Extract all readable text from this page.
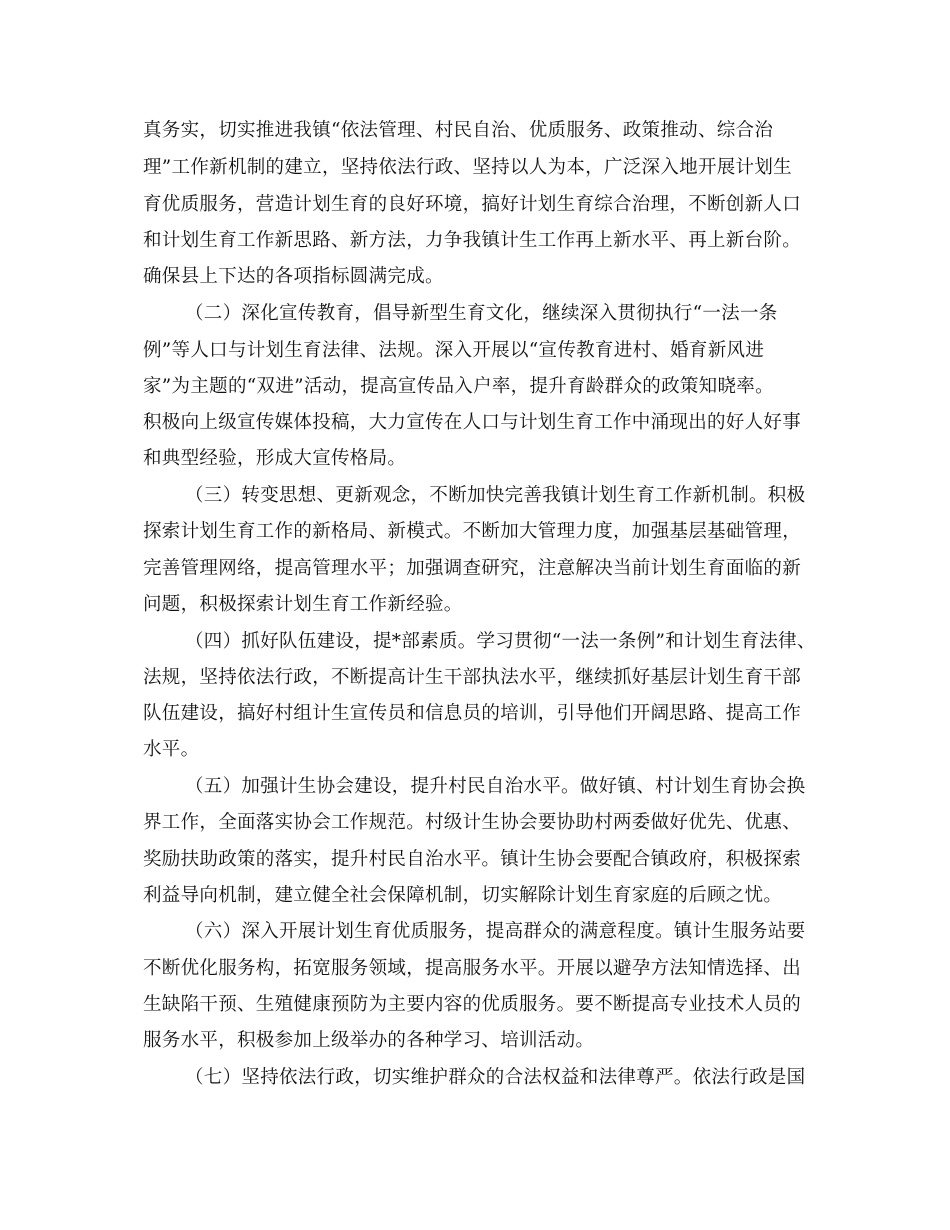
真务实，切实推进我镇“依法管理、村民自治、优质服务、政策推动、综合治
理”工作新机制的建立，坚持依法行政、坚持以人为本，广泛深入地开展计划生
育优质服务，营造计划生育的良好环境，搞好计划生育综合治理，不断创新人口
和计划生育工作新思路、新方法，力争我镇计生工作再上新水平、再上新台阶。
确保县上下达的各项指标圆满完成。
（二）深化宣传教育，倡导新型生育文化，继续深入贯彻执行“一法一条
例”等人口与计划生育法律、法规。深入开展以“宣传教育进村、婚育新风进
家”为主题的“双进”活动，提高宣传品入户率，提升育龄群众的政策知晓率。
积极向上级宣传媒体投稿，大力宣传在人口与计划生育工作中涌现出的好人好事
和典型经验，形成大宣传格局。
（三）转变思想、更新观念，不断加快完善我镇计划生育工作新机制。积极
探索计划生育工作的新格局、新模式。不断加大管理力度，加强基层基础管理，
完善管理网络，提高管理水平；加强调查研究，注意解决当前计划生育面临的新
问题，积极探索计划生育工作新经验。
（四）抓好队伍建设，提*部素质。学习贯彻“一法一条例”和计划生育法律、
法规，坚持依法行政，不断提高计生干部执法水平，继续抓好基层计划生育干部
队伍建设，搞好村组计生宣传员和信息员的培训，引导他们开阔思路、提高工作
水平。
（五）加强计生协会建设，提升村民自治水平。做好镇、村计划生育协会换
界工作，全面落实协会工作规范。村级计生协会要协助村两委做好优先、优惠、
奖励扶助政策的落实，提升村民自治水平。镇计生协会要配合镇政府，积极探索
利益导向机制，建立健全社会保障机制，切实解除计划生育家庭的后顾之忧。
（六）深入开展计划生育优质服务，提高群众的满意程度。镇计生服务站要
不断优化服务构，拓宽服务领域，提高服务水平。开展以避孕方法知情选择、出
生缺陷干预、生殖健康预防为主要内容的优质服务。要不断提高专业技术人员的
服务水平，积极参加上级举办的各种学习、培训活动。
（七）坚持依法行政，切实维护群众的合法权益和法律尊严。依法行政是国
